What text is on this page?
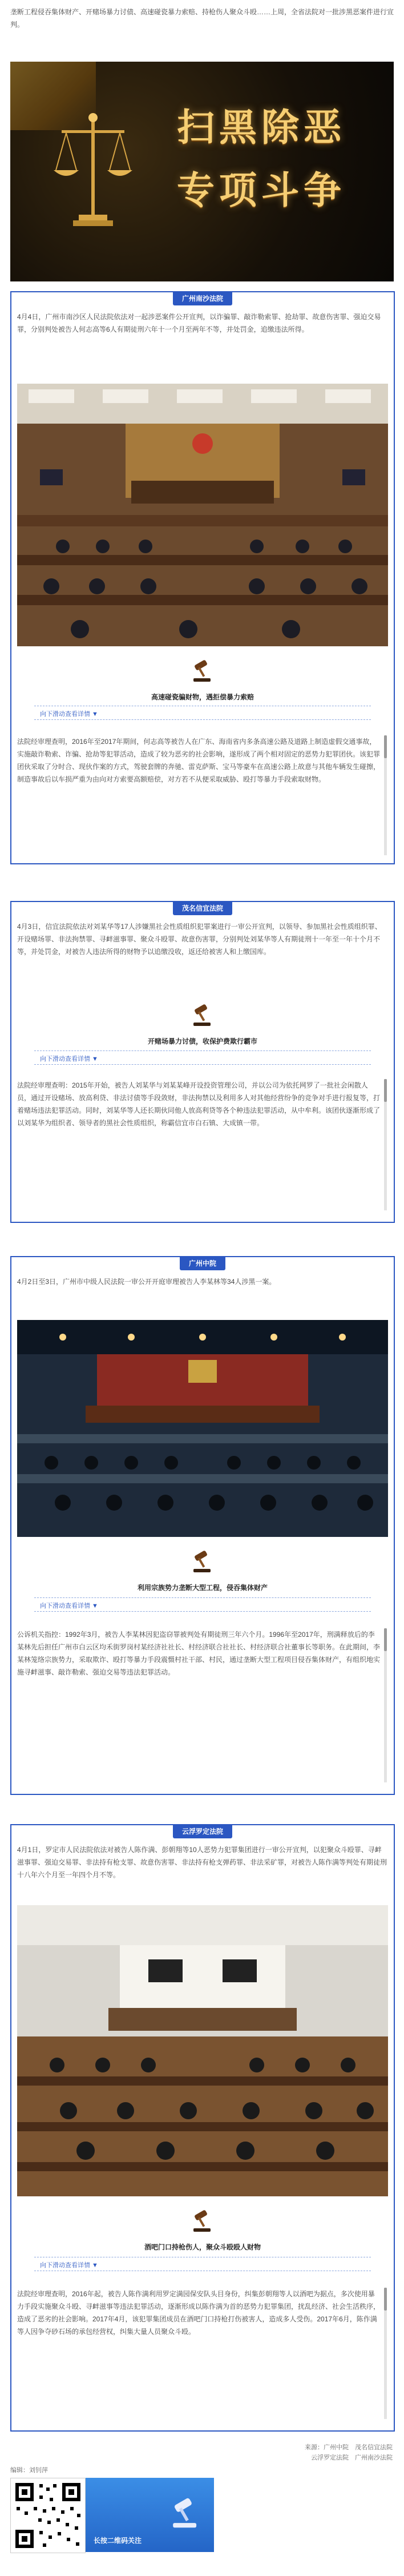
垄断工程侵吞集体财产、开赌场暴力讨债、高速碰瓷暴力索赔、持枪伤人聚众斗殴……上周，全省法院对一批涉黑恶案件进行宣判。
扫黑除恶
专项斗争
广州南沙法院
4月4日，广州市南沙区人民法院依法对一起涉恶案件公开宣判，以诈骗罪、敲诈勒索罪、抢劫罪、故意伤害罪、强迫交易罪，分别判处被告人何志高等6人有期徒刑六年十一个月至两年不等，并处罚金，追缴违法所得。
高速碰瓷骗财物，遇拒偿暴力索赔
向下滑动查看详情 ▼
法院经审理查明，2016年至2017年期间，何志高等被告人在广东、海南省内多条高速公路及道路上制造虚假交通事故，实施敲诈勒索、诈骗、抢劫等犯罪活动，造成了较为恶劣的社会影响，遂形成了两个相对固定的恶势力犯罪团伙。该犯罪团伙采取了分时合、现伙作案的方式，驾驶套牌的奔驰、雷克萨斯、宝马等豪车在高速公路上故意与其他车辆发生碰擦，制造事故后以车损严重为由向对方索要高额赔偿，对方若不从便采取威胁、殴打等暴力手段索取财物。
茂名信宜法院
4月3日，信宜法院依法对刘某华等17人涉嫌黑社会性质组织犯罪案进行一审公开宣判，以领导、参加黑社会性质组织罪、开设赌场罪、非法拘禁罪、寻衅滋事罪、聚众斗殴罪、故意伤害罪，分别判处刘某华等人有期徒刑十一年至一年十个月不等，并处罚金，对被告人违法所得的财物予以追缴没收，返还给被害人和上缴国库。
开赌场暴力讨债，收保护费欺行霸市
向下滑动查看详情 ▼
法院经审理查明：2015年开始，被告人刘某华与刘某某峰开设投资管理公司，并以公司为依托网罗了一批社会闲散人员，通过开设赌场、放高利贷、非法讨债等手段敛财，非法拘禁以及利用多人对其他经营纷争的竞争对手进行报复等，打着赌场违法犯罪活动。同时，刘某华等人还长期伙同他人放高利贷等各个种违法犯罪活动，从中牟利。该团伙逐渐形成了以刘某华为组织者、领导者的黑社会性质组织，称霸信宜市白石镇、大成镇一带。
广州中院
4月2日至3日，广州市中级人民法院一审公开开庭审理被告人李某林等34人涉黑一案。
利用宗族势力垄断大型工程，侵吞集体财产
向下滑动查看详情 ▼
公诉机关指控：1992年3月，被告人李某林因犯盗窃罪被判处有期徒刑三年六个月。1996年至2017年，刑满释放后的李某林先后担任广州市白云区均禾街罗岗村某经济社社长、村经济联合社社长、村经济联合社董事长等职务。在此期间，李某林笼络宗族势力，采取欺诈、殴打等暴力手段震慑村社干部、村民，通过垄断大型工程项目侵吞集体财产，有组织地实施寻衅滋事、敲诈勒索、强迫交易等违法犯罪活动。
云浮罗定法院
4月1日，罗定市人民法院依法对被告人陈作满、彭朝翔等10人恶势力犯罪集团进行一审公开宣判，以犯聚众斗殴罪、寻衅滋事罪、强迫交易罪、非法持有枪支罪、故意伤害罪、非法持有枪支弹药罪、非法采矿罪，对被告人陈作满等判处有期徒刑十八年六个月至一年四个月不等。
酒吧门口持枪伤人，聚众斗殴殴人财物
向下滑动查看详情 ▼
法院经审理查明，2016年起，被告人陈作满利用罗定满园保安队头目身份，纠集彭朝翔等人以酒吧为据点，多次使用暴力手段实施聚众斗殴、寻衅滋事等违法犯罪活动，逐渐形成以陈作满为首的恶势力犯罪集团，扰乱经济、社会生活秩序，造成了恶劣的社会影响。2017年4月，该犯罪集团成员在酒吧门口持枪打伤被害人，造成多人受伤。2017年6月，陈作满等人因争夺砂石场的承包经营权，纠集大量人员聚众斗殴。
来源：广州中院　茂名信宜法院
云浮罗定法院　广州南沙法院
编辑：刘钊萍
长按二维码关注
